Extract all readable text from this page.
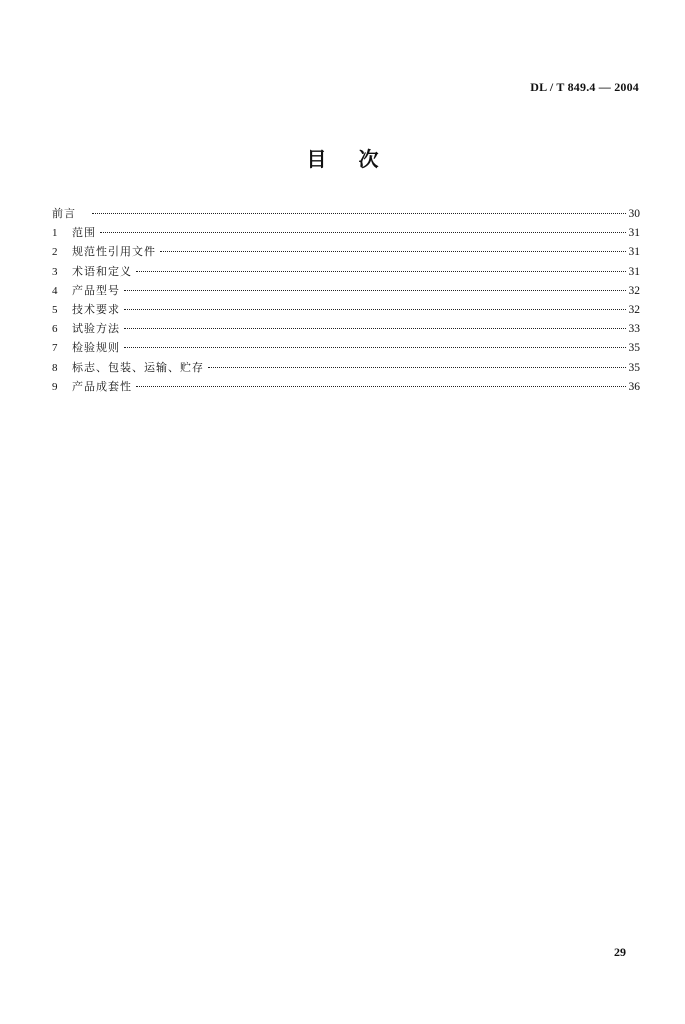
DL / T 849.4 — 2004
目次
前言	30
1	范围	31
2	规范性引用文件	31
3	术语和定义	31
4	产品型号	32
5	技术要求	32
6	试验方法	33
7	检验规则	35
8	标志、包装、运输、贮存	35
9	产品成套性	36
29
